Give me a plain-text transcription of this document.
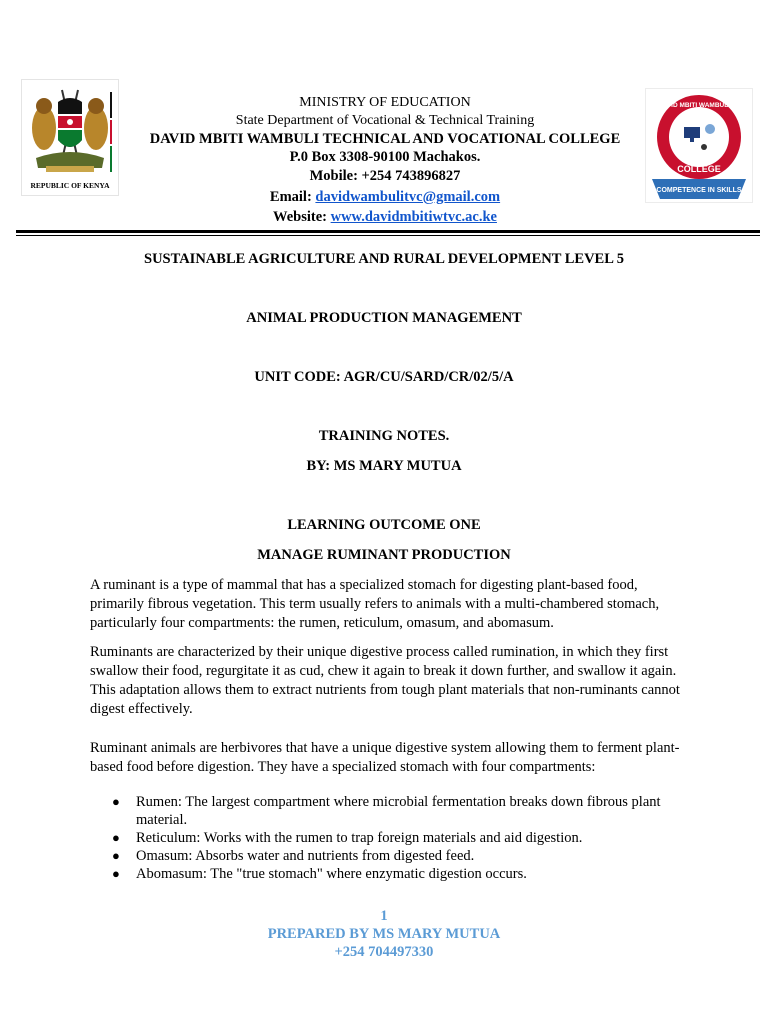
REPUBLIC OF KENYA
DAVID MBITI WAMBULI TV
COLLEGE
COMPETENCE IN SKILLS
MINISTRY OF EDUCATION
State Department of Vocational & Technical Training
DAVID MBITI WAMBULI TECHNICAL AND VOCATIONAL COLLEGE
P.0 Box 3308-90100 Machakos.
Mobile: +254 743896827
Email: davidwambulitvc@gmail.com
Website: www.davidmbitiwtvc.ac.ke
SUSTAINABLE AGRICULTURE AND RURAL DEVELOPMENT LEVEL 5
ANIMAL PRODUCTION MANAGEMENT
UNIT CODE: AGR/CU/SARD/CR/02/5/A
TRAINING NOTES.
BY: MS MARY MUTUA
LEARNING OUTCOME ONE
MANAGE RUMINANT PRODUCTION

A ruminant is a type of mammal that has a specialized stomach for digesting plant-based food, primarily fibrous vegetation. This term usually refers to animals with a multi-chambered stomach, particularly four compartments: the rumen, reticulum, omasum, and abomasum.

Ruminants are characterized by their unique digestive process called rumination, in which they first swallow their food, regurgitate it as cud, chew it again to break it down further, and swallow it again. This adaptation allows them to extract nutrients from tough plant materials that non-ruminants cannot digest effectively.

Ruminant animals are herbivores that have a unique digestive system allowing them to ferment plant-based food before digestion. They have a specialized stomach with four compartments:

● Rumen: The largest compartment where microbial fermentation breaks down fibrous plant material.
● Reticulum: Works with the rumen to trap foreign materials and aid digestion.
● Omasum: Absorbs water and nutrients from digested feed.
● Abomasum: The "true stomach" where enzymatic digestion occurs.
1
PREPARED BY MS MARY MUTUA
+254 704497330
